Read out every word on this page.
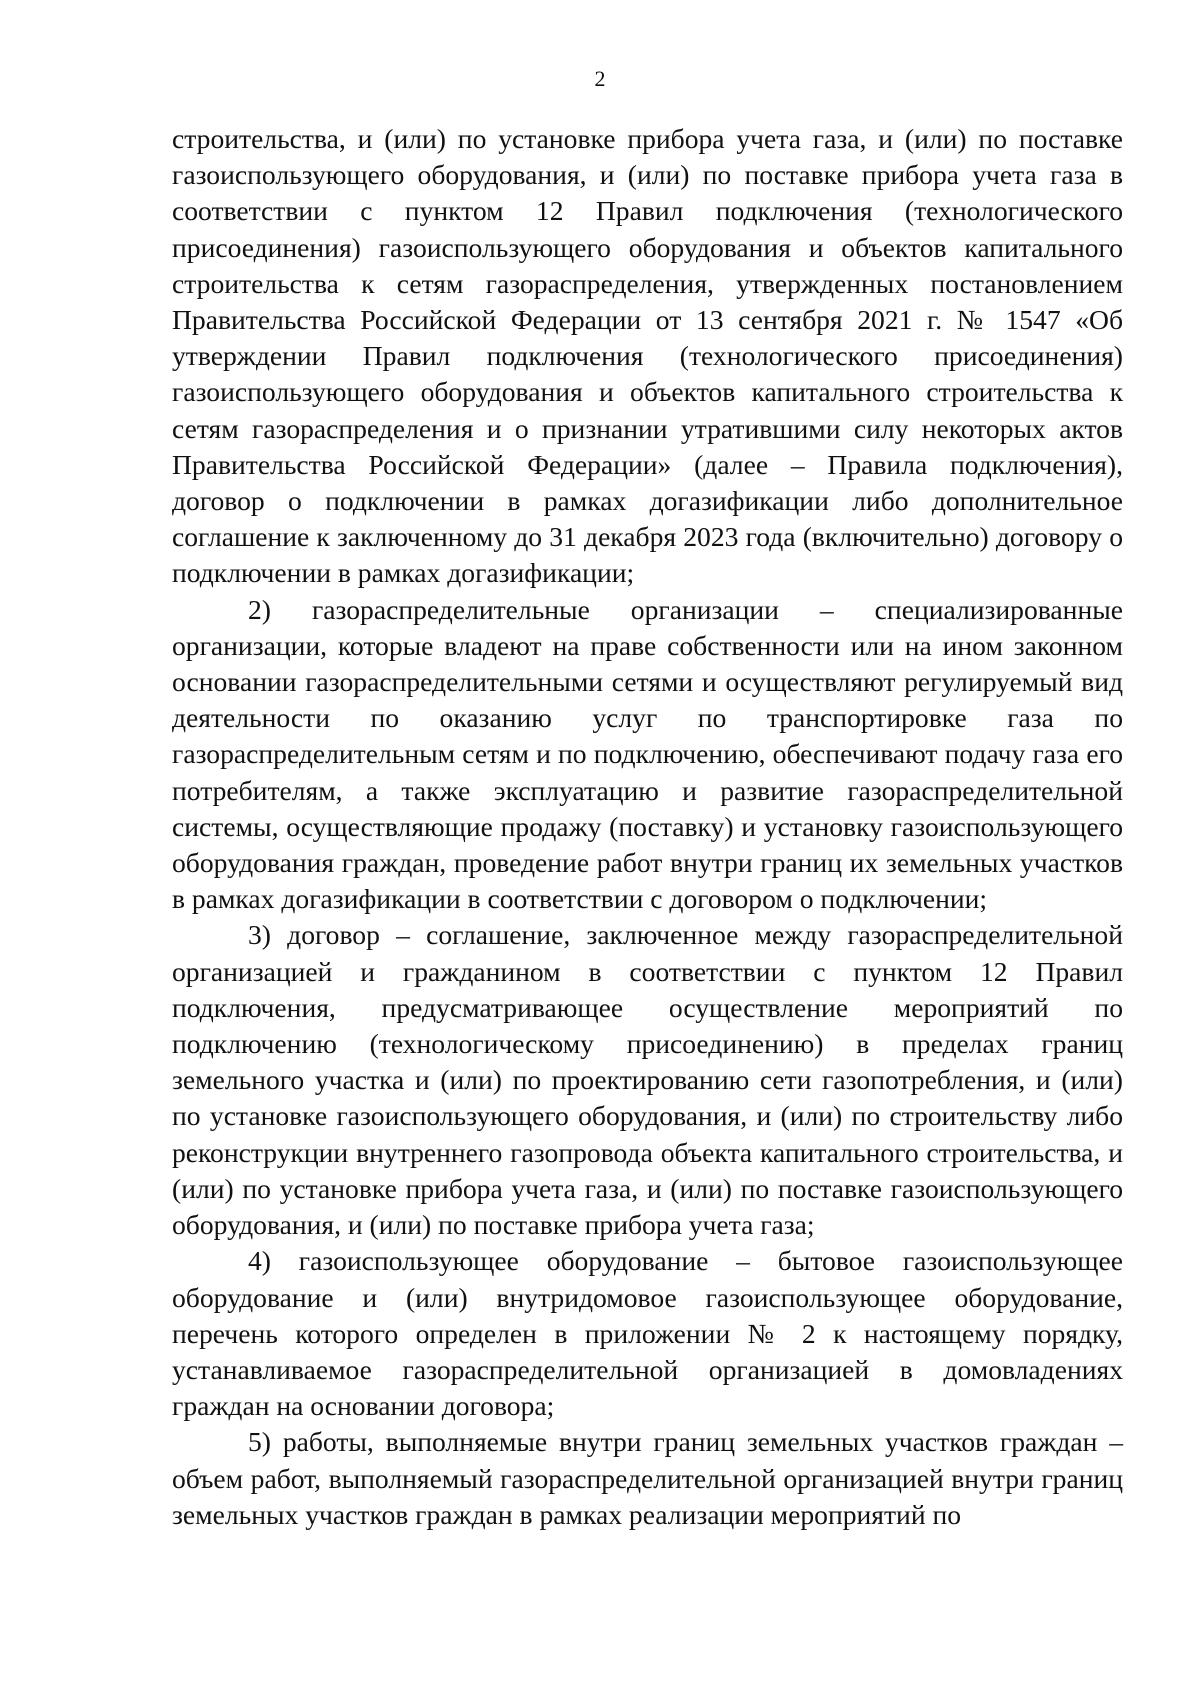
2

строительства, и (или) по установке прибора учета газа, и (или) по поставке газоиспользующего оборудования, и (или) по поставке прибора учета газа в соответствии с пунктом 12 Правил подключения (технологического присоединения) газоиспользующего оборудования и объектов капитального строительства к сетям газораспределения, утвержденных постановлением Правительства Российской Федерации от 13 сентября 2021 г. № 1547 «Об утверждении Правил подключения (технологического присоединения) газоиспользующего оборудования и объектов капитального строительства к сетям газораспределения и о признании утратившими силу некоторых актов Правительства Российской Федерации» (далее – Правила подключения), договор о подключении в рамках догазификации либо дополнительное соглашение к заключенному до 31 декабря 2023 года (включительно) договору о подключении в рамках догазификации;

2) газораспределительные организации – специализированные организации, которые владеют на праве собственности или на ином законном основании газораспределительными сетями и осуществляют регулируемый вид деятельности по оказанию услуг по транспортировке газа по газораспределительным сетям и по подключению, обеспечивают подачу газа его потребителям, а также эксплуатацию и развитие газораспределительной системы, осуществляющие продажу (поставку) и установку газоиспользующего оборудования граждан, проведение работ внутри границ их земельных участков в рамках догазификации в соответствии с договором о подключении;

3) договор – соглашение, заключенное между газораспределительной организацией и гражданином в соответствии с пунктом 12 Правил подключения, предусматривающее осуществление мероприятий по подключению (технологическому присоединению) в пределах границ земельного участка и (или) по проектированию сети газопотребления, и (или) по установке газоиспользующего оборудования, и (или) по строительству либо реконструкции внутреннего газопровода объекта капитального строительства, и (или) по установке прибора учета газа, и (или) по поставке газоиспользующего оборудования, и (или) по поставке прибора учета газа;

4) газоиспользующее оборудование – бытовое газоиспользующее оборудование и (или) внутридомовое газоиспользующее оборудование, перечень которого определен в приложении № 2 к настоящему порядку, устанавливаемое газораспределительной организацией в домовладениях граждан на основании договора;

5) работы, выполняемые внутри границ земельных участков граждан – объем работ, выполняемый газораспределительной организацией внутри границ земельных участков граждан в рамках реализации мероприятий по
